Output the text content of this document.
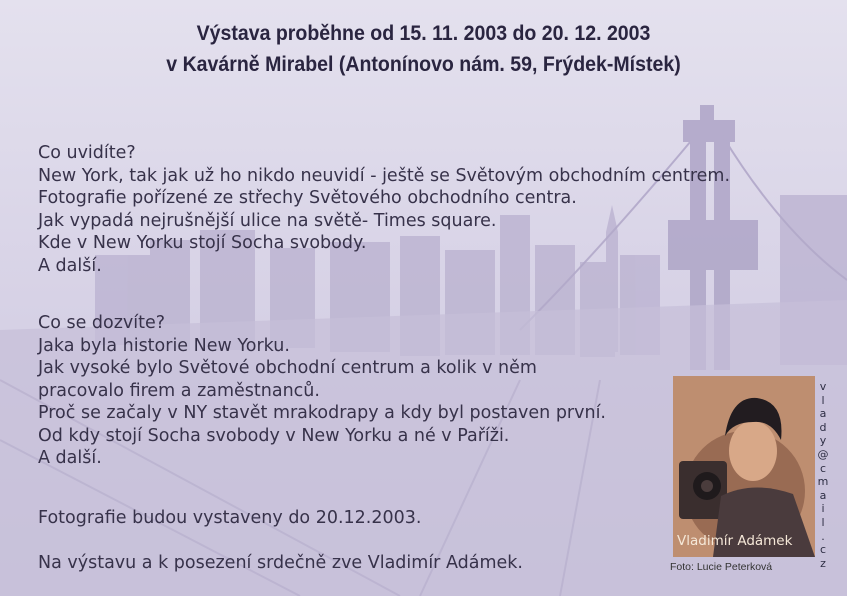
Výstava proběhne od 15. 11. 2003 do 20. 12. 2003
v Kavárně Mirabel (Antonínovo nám. 59, Frýdek-Místek)
Co uvidíte?
New York, tak jak už ho nikdo neuvidí - ještě se Světovým obchodním centrem.
Fotografie pořízené ze střechy Světového obchodního centra.
Jak vypadá nejrušnější ulice na světě- Times square.
Kde v New Yorku stojí Socha svobody.
A další.
Co se dozvíte?
Jaka byla historie New Yorku.
Jak vysoké bylo Světové obchodní centrum a kolik v něm
pracovalo firem a zaměstnanců.
Proč se začaly v NY stavět mrakodrapy a kdy byl postaven první.
Od kdy stojí Socha svobody v New Yorku a né v Paříži.
A další.
Fotografie budou vystaveny do 20.12.2003.
Na výstavu a k posezení srdečně zve Vladimír Adámek.
Vladimír Adámek
Foto: Lucie Peterková
v
l
a
d
y
@
c
m
a
i
l
.
c
z
